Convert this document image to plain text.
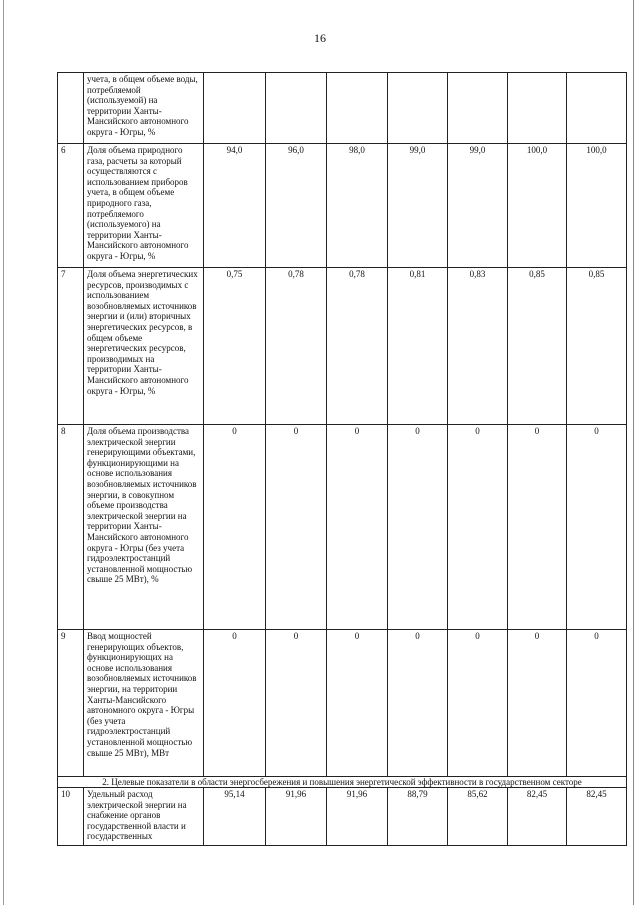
16
	учета, в общем объеме воды, потребляемой (используемой) на территории Ханты-Мансийского автономного округа - Югры, %							
6	Доля объема природного газа, расчеты за который осуществляются с использованием приборов учета, в общем объеме природного газа, потребляемого (используемого) на территории Ханты-Мансийского автономного округа - Югры, %	94,0	96,0	98,0	99,0	99,0	100,0	100,0
7	Доля объема энергетических ресурсов, производимых с использованием возобновляемых источников энергии и (или) вторичных энергетических ресурсов, в общем объеме энергетических ресурсов, производимых на территории Ханты-Мансийского автономного округа - Югры, %	0,75	0,78	0,78	0,81	0,83	0,85	0,85
8	Доля объема производства электрической энергии генерирующими объектами, функционирующими на основе использования возобновляемых источников энергии, в совокупном объеме производства электрической энергии на территории Ханты-Мансийского автономного округа - Югры (без учета гидроэлектростанций установленной мощностью свыше 25 МВт), %	0	0	0	0	0	0	0
9	Ввод мощностей генерирующих объектов, функционирующих на основе использования возобновляемых источников энергии, на территории Ханты-Мансийского автономного округа - Югры (без учета гидроэлектростанций установленной мощностью свыше 25 МВт), МВт	0	0	0	0	0	0	0
2. Целевые показатели в области энергосбережения и повышения энергетической эффективности в государственном секторе								
10	Удельный расход электрической энергии на снабжение органов государственной власти и государственных	95,14	91,96	91,96	88,79	85,62	82,45	82,45
